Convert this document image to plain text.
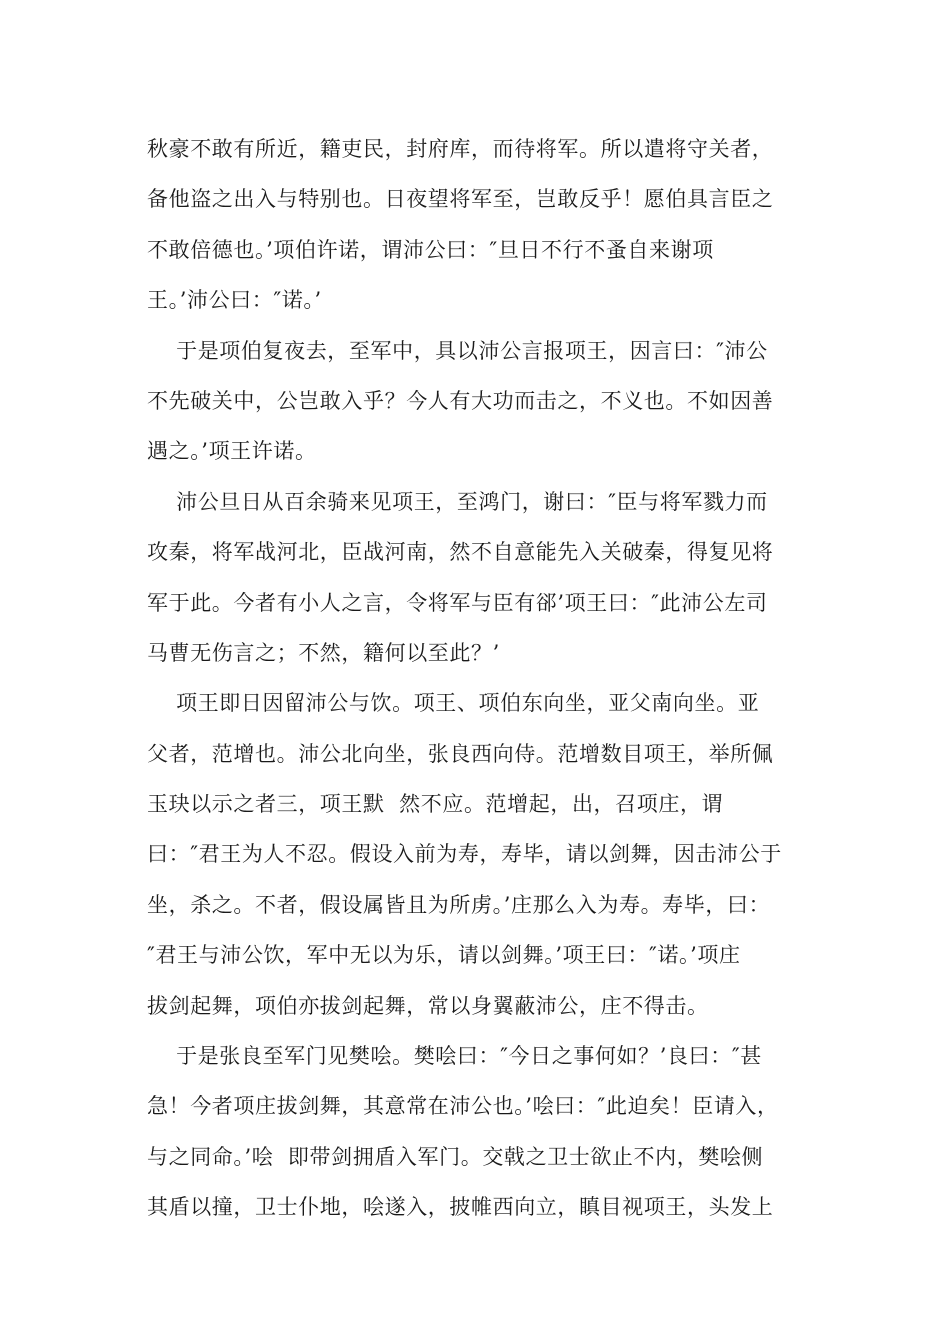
秋豪不敢有所近，籍吏民，封府库，而待将军。所以遣将守关者，
备他盗之出入与特别也。日夜望将军至，岂敢反乎！愿伯具言臣之
不敢倍德也。’项伯许诺，谓沛公曰：″旦日不行不蚤自来谢项
王。’沛公曰：″诺。’
于是项伯复夜去，至军中，具以沛公言报项王，因言曰：″沛公
不先破关中，公岂敢入乎？今人有大功而击之，不义也。不如因善
遇之。’项王许诺。
沛公旦日从百余骑来见项王，至鸿门，谢曰：″臣与将军戮力而
攻秦，将军战河北，臣战河南，然不自意能先入关破秦，得复见将
军于此。今者有小人之言，令将军与臣有郤’项王曰：″此沛公左司
马曹无伤言之；不然，籍何以至此？’
项王即日因留沛公与饮。项王、项伯东向坐，亚父南向坐。亚
父者，范增也。沛公北向坐，张良西向侍。范增数目项王，举所佩
玉玦以示之者三，项王默  然不应。范增起，出，召项庄，谓
曰：″君王为人不忍。假设入前为寿，寿毕，请以剑舞，因击沛公于
坐，杀之。不者，假设属皆且为所虏。’庄那么入为寿。寿毕，曰：
″君王与沛公饮，军中无以为乐，请以剑舞。’项王曰：″诺。’项庄
拔剑起舞，项伯亦拔剑起舞，常以身翼蔽沛公，庄不得击。
于是张良至军门见樊哙。樊哙曰：″今日之事何如？’良曰：″甚
急！今者项庄拔剑舞，其意常在沛公也。’哙曰：″此迫矣！臣请入，
与之同命。’哙  即带剑拥盾入军门。交戟之卫士欲止不内，樊哙侧
其盾以撞，卫士仆地，哙遂入，披帷西向立，瞋目视项王，头发上
